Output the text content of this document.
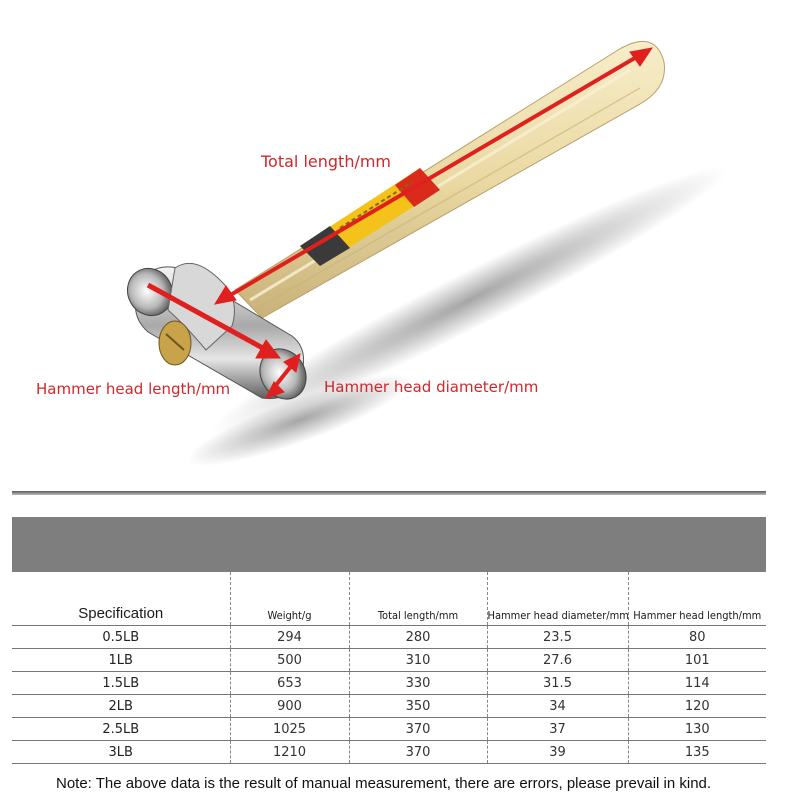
Total length/mm
Hammer head length/mm	Hammer head diameter/mm
Specification	Weight/g	Total length/mm	Hammer head diameter/mm	Hammer head length/mm
0.5LB	294	280	23.5	80
1LB	500	310	27.6	101
1.5LB	653	330	31.5	114
2LB	900	350	34	120
2.5LB	1025	370	37	130
3LB	1210	370	39	135
Note: The above data is the result of manual measurement, there are errors, please prevail in kind.
